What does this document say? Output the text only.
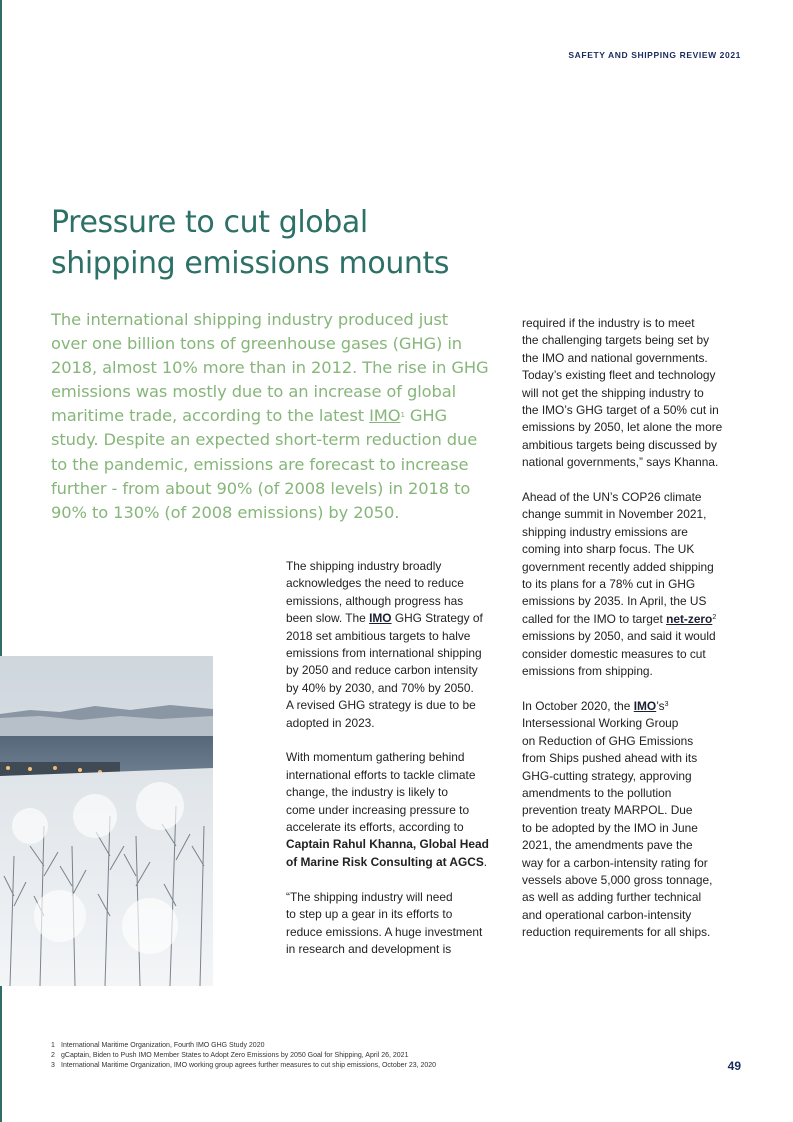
SAFETY AND SHIPPING REVIEW 2021
Pressure to cut global
shipping emissions mounts

The international shipping industry produced just
over one billion tons of greenhouse gases (GHG) in
2018, almost 10% more than in 2012. The rise in GHG
emissions was mostly due to an increase of global
maritime trade, according to the latest IMO$^1$ GHG
study. Despite an expected short-term reduction due
to the pandemic, emissions are forecast to increase
further - from about 90% (of 2008 levels) in 2018 to
90% to 130% (of 2008 emissions) by 2050.

The shipping industry broadly
acknowledges the need to reduce
emissions, although progress has
been slow. The IMO GHG Strategy of
2018 set ambitious targets to halve
emissions from international shipping
by 2050 and reduce carbon intensity
by 40% by 2030, and 70% by 2050.
A revised GHG strategy is due to be
adopted in 2023.

With momentum gathering behind
international efforts to tackle climate
change, the industry is likely to
come under increasing pressure to
accelerate its efforts, according to
Captain Rahul Khanna, Global Head
of Marine Risk Consulting at AGCS.

“The shipping industry will need
to step up a gear in its efforts to
reduce emissions. A huge investment
in research and development is

required if the industry is to meet
the challenging targets being set by
the IMO and national governments.
Today’s existing fleet and technology
will not get the shipping industry to
the IMO’s GHG target of a 50% cut in
emissions by 2050, let alone the more
ambitious targets being discussed by
national governments,” says Khanna.

Ahead of the UN’s COP26 climate
change summit in November 2021,
shipping industry emissions are
coming into sharp focus. The UK
government recently added shipping
to its plans for a 78% cut in GHG
emissions by 2035. In April, the US
called for the IMO to target net-zero$^2$
emissions by 2050, and said it would
consider domestic measures to cut
emissions from shipping.

In October 2020, the $IMO’s^3$
Intersessional Working Group
on Reduction of GHG Emissions
from Ships pushed ahead with its
GHG-cutting strategy, approving
amendments to the pollution
prevention treaty MARPOL. Due
to be adopted by the IMO in June
2021, the amendments pave the
way for a carbon-intensity rating for
vessels above 5,000 gross tonnage,
as well as adding further technical
and operational carbon-intensity
reduction requirements for all ships.

1 International Maritime Organization, Fourth IMO GHG Study 2020
2 gCaptain, Biden to Push IMO Member States to Adopt Zero Emissions by 2050 Goal for Shipping, April 26, 2021
3 International Maritime Organization, IMO working group agrees further measures to cut ship emissions, October 23, 2020	49
